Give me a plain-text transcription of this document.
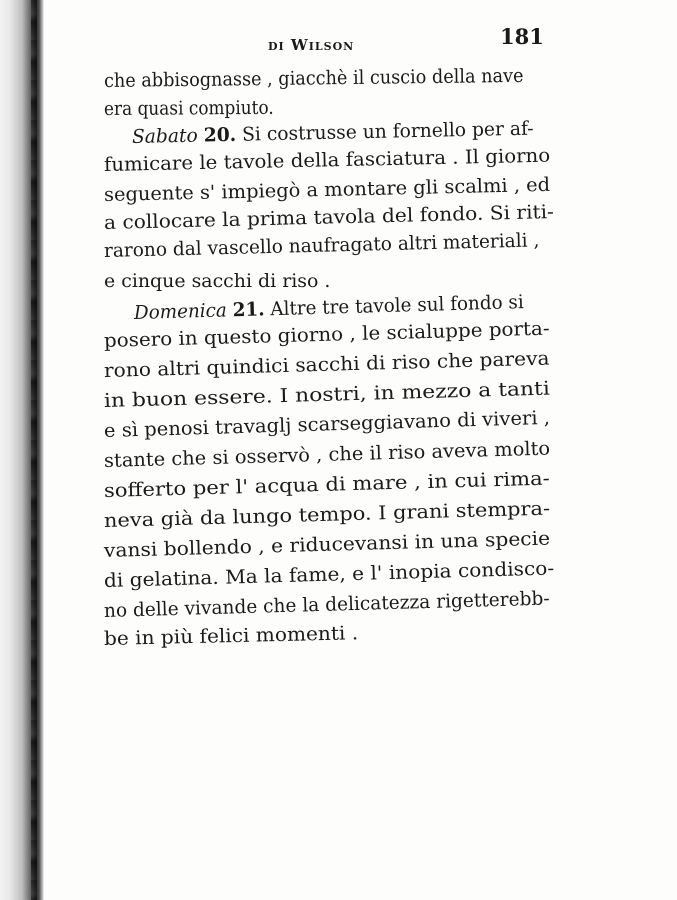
di Wilson	181
che abbisognasse , giacchè il cuscio della nave
era quasi compiuto.
Sabato 20. Si costrusse un fornello per af-
fumicare le tavole della fasciatura . Il giorno
seguente s' impiegò a montare gli scalmi , ed
a collocare la prima tavola del fondo. Si riti-
rarono dal vascello naufragato altri materiali ,
e cinque sacchi di riso .
Domenica 21. Altre tre tavole sul fondo si
posero in questo giorno , le scialuppe porta-
rono altri quindici sacchi di riso che pareva
in buon essere. I nostri, in mezzo a tanti
e sì penosi travaglj scarseggiavano di viveri ,
stante che si osservò , che il riso aveva molto
sofferto per l' acqua di mare , in cui rima-
neva già da lungo tempo. I grani stempra-
vansi bollendo , e riducevansi in una specie
di gelatina. Ma la fame, e l' inopia condisco-
no delle vivande che la delicatezza rigetterebb-
be in più felici momenti .
